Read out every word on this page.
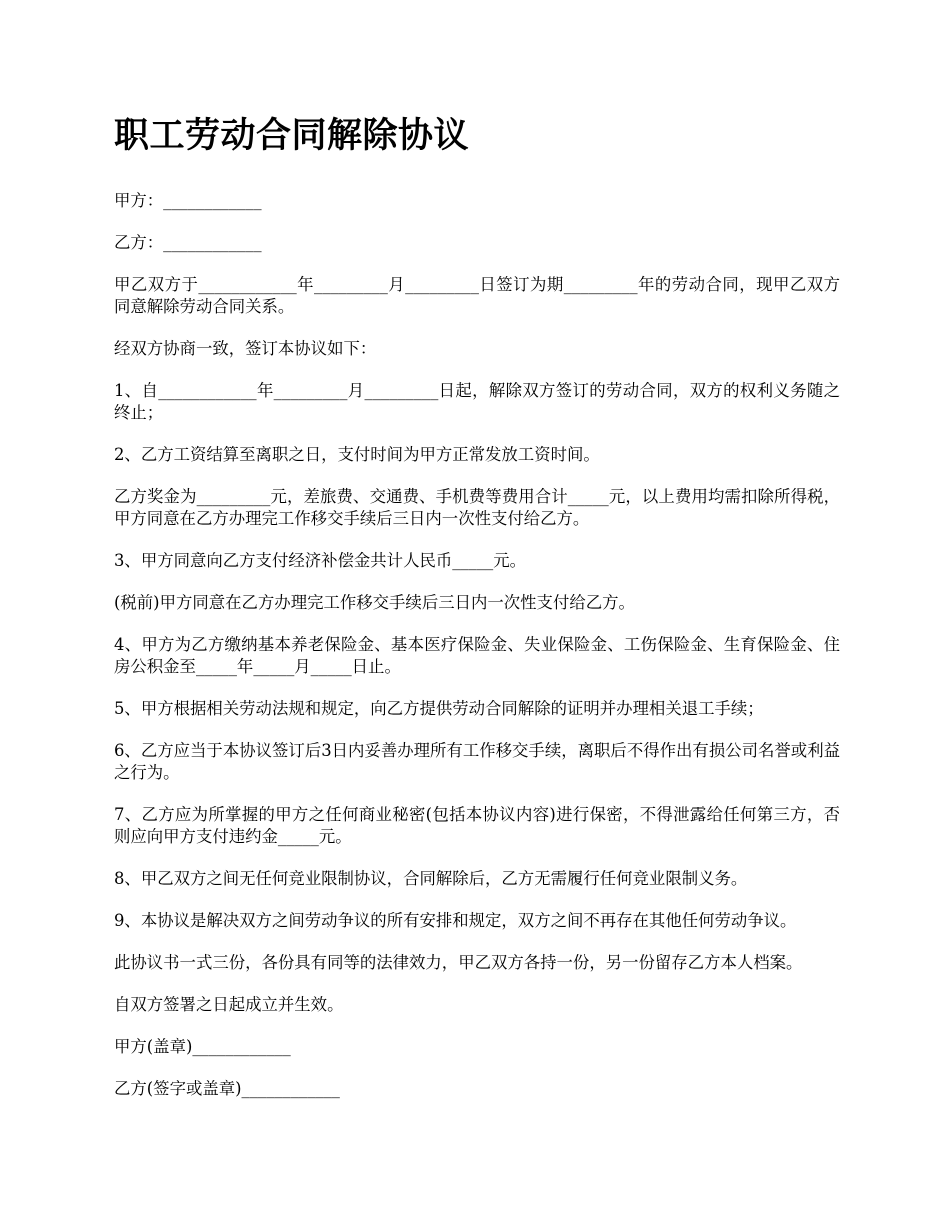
职工劳动合同解除协议

甲方：____________

乙方：____________

甲乙双方于____________年_________月_________日签订为期_________年的劳动合同，现甲乙双方同意解除劳动合同关系。

经双方协商一致，签订本协议如下：

1、自____________年_________月_________日起，解除双方签订的劳动合同，双方的权利义务随之终止；

2、乙方工资结算至离职之日，支付时间为甲方正常发放工资时间。

乙方奖金为_________元，差旅费、交通费、手机费等费用合计_____元，以上费用均需扣除所得税，甲方同意在乙方办理完工作移交手续后三日内一次性支付给乙方。

3、甲方同意向乙方支付经济补偿金共计人民币_____元。

(税前)甲方同意在乙方办理完工作移交手续后三日内一次性支付给乙方。

4、甲方为乙方缴纳基本养老保险金、基本医疗保险金、失业保险金、工伤保险金、生育保险金、住房公积金至_____年_____月_____日止。

5、甲方根据相关劳动法规和规定，向乙方提供劳动合同解除的证明并办理相关退工手续；

6、乙方应当于本协议签订后3日内妥善办理所有工作移交手续，离职后不得作出有损公司名誉或利益之行为。

7、乙方应为所掌握的甲方之任何商业秘密(包括本协议内容)进行保密，不得泄露给任何第三方，否则应向甲方支付违约金_____元。

8、甲乙双方之间无任何竞业限制协议，合同解除后，乙方无需履行任何竞业限制义务。

9、本协议是解决双方之间劳动争议的所有安排和规定，双方之间不再存在其他任何劳动争议。

此协议书一式三份，各份具有同等的法律效力，甲乙双方各持一份，另一份留存乙方本人档案。

自双方签署之日起成立并生效。

甲方(盖章)____________

乙方(签字或盖章)____________
